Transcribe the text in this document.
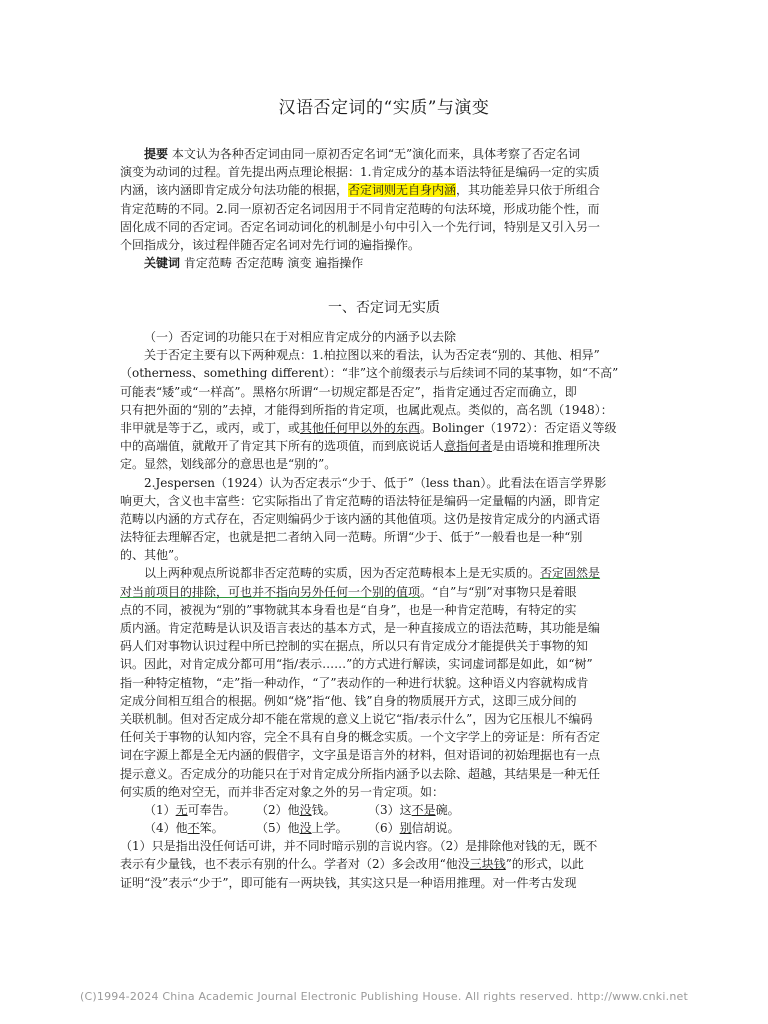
汉语否定词的“实质”与演变
提要 本文认为各种否定词由同一原初否定名词“无”演化而来，具体考察了否定名词
演变为动词的过程。首先提出两点理论根据：1.肯定成分的基本语法特征是编码一定的实质
内涵，该内涵即肯定成分句法功能的根据，否定词则无自身内涵，其功能差异只依于所组合
肯定范畴的不同。2.同一原初否定名词因用于不同肯定范畴的句法环境，形成功能个性，而
固化成不同的否定词。否定名词动词化的机制是小句中引入一个先行词，特别是又引入另一
个回指成分，该过程伴随否定名词对先行词的遍指操作。
关键词 肯定范畴 否定范畴 演变 遍指操作
一、否定词无实质
（一）否定词的功能只在于对相应肯定成分的内涵予以去除
关于否定主要有以下两种观点：1.柏拉图以来的看法，认为否定表“别的、其他、相异”
（otherness、something different）：“非”这个前缀表示与后续词不同的某事物，如“不高”
可能表“矮”或“一样高”。黑格尔所谓“一切规定都是否定”，指肯定通过否定而确立，即
只有把外面的“别的”去掉，才能得到所指的肯定项，也属此观点。类似的，高名凯（1948）：
非甲就是等于乙，或丙，或丁，或其他任何甲以外的东西。Bolinger（1972）：否定语义等级
中的高端值，就敞开了肯定其下所有的选项值，而到底说话人意指何者是由语境和推理所决
定。显然，划线部分的意思也是“别的”。
2.Jespersen（1924）认为否定表示“少于、低于”（less than）。此看法在语言学界影
响更大，含义也丰富些：它实际指出了肯定范畴的语法特征是编码一定量幅的内涵，即肯定
范畴以内涵的方式存在，否定则编码少于该内涵的其他值项。这仍是按肯定成分的内涵式语
法特征去理解否定，也就是把二者纳入同一范畴。所谓“少于、低于”一般看也是一种“别
的、其他”。
以上两种观点所说都非否定范畴的实质，因为否定范畴根本上是无实质的。否定固然是
对当前项目的排除，可也并不指向另外任何一个别的值项。“自”与“别”对事物只是着眼
点的不同，被视为“别的”事物就其本身看也是“自身”，也是一种肯定范畴，有特定的实
质内涵。肯定范畴是认识及语言表达的基本方式，是一种直接成立的语法范畴，其功能是编
码人们对事物认识过程中所已控制的实在据点，所以只有肯定成分才能提供关于事物的知
识。因此，对肯定成分都可用“指/表示……”的方式进行解读，实词虚词都是如此，如“树”
指一种特定植物，“走”指一种动作，“了”表动作的一种进行状貌。这种语义内容就构成肯
定成分间相互组合的根据。例如“烧”指“他、钱”自身的物质展开方式，这即三成分间的
关联机制。但对否定成分却不能在常规的意义上说它“指/表示什么”，因为它压根儿不编码
任何关于事物的认知内容，完全不具有自身的概念实质。一个文字学上的旁证是：所有否定
词在字源上都是全无内涵的假借字，文字虽是语言外的材料，但对语词的初始理据也有一点
提示意义。否定成分的功能只在于对肯定成分所指内涵予以去除、超越，其结果是一种无任
何实质的绝对空无，而并非否定对象之外的另一肯定项。如：
（1）无可奉告。 （2）他没钱。	（3）这不是碗。
（4）他不笨。	（5）他没上学。 （6）别信胡说。
（1）只是指出没任何话可讲，并不同时暗示别的言说内容。（2）是排除他对钱的无，既不
表示有少量钱，也不表示有别的什么。学者对（2）多会改用“他没三块钱”的形式，以此
证明“没”表示“少于”，即可能有一两块钱，其实这只是一种语用推理。对一件考古发现
(C)1994-2024 China Academic Journal Electronic Publishing House. All rights reserved. http://www.cnki.net
